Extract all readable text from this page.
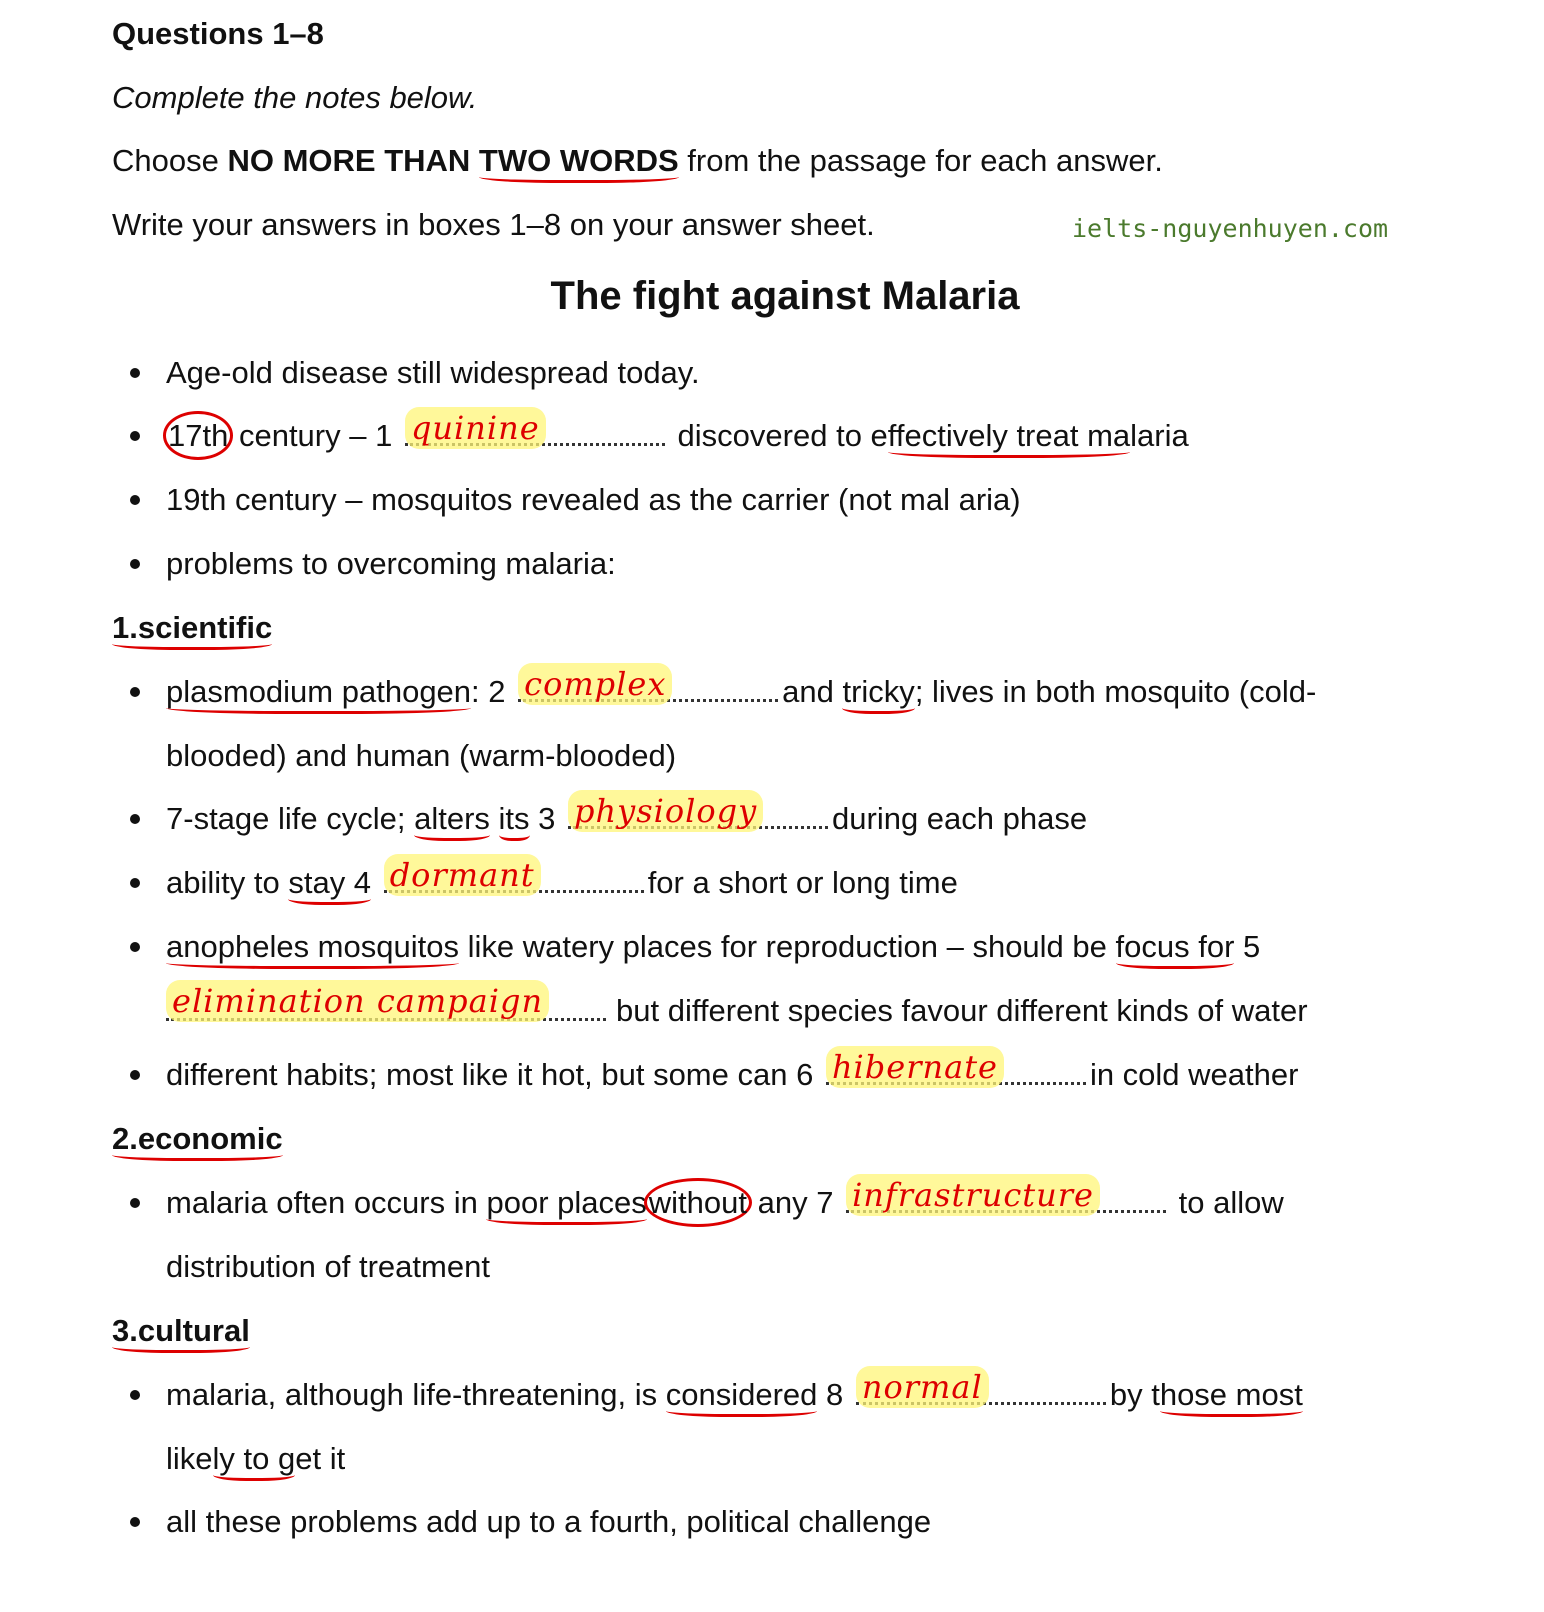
Questions 1–8
Complete the notes below.
Choose NO MORE THAN TWO WORDS from the passage for each answer.
Write your answers in boxes 1–8 on your answer sheet.	ielts-nguyenhuyen.com
The fight against Malaria
Age-old disease still widespread today.
17th century – 1 quinine	discovered to effectively treat malaria
19th century – mosquitos revealed as the carrier (not mal aria)
problems to overcoming malaria:
1.scientific
plasmodium pathogen: 2 complex	and tricky; lives in both mosquito (cold-
blooded) and human (warm-blooded)
7-stage life cycle; alters its 3 physiology during each phase
ability to stay 4 dormant	for a short or long time
anopheles mosquitos like watery places for reproduction – should be focus for 5
elimination campaign but different species favour different kinds of water
different habits; most like it hot, but some can 6 hibernate	in cold weather
2.economic
malaria often occurs in poor placeswithout any 7 infrastructure to allow
distribution of treatment
3.cultural
malaria, although life-threatening, is considered 8 normal	by those most
likely to get it
all these problems add up to a fourth, political challenge
